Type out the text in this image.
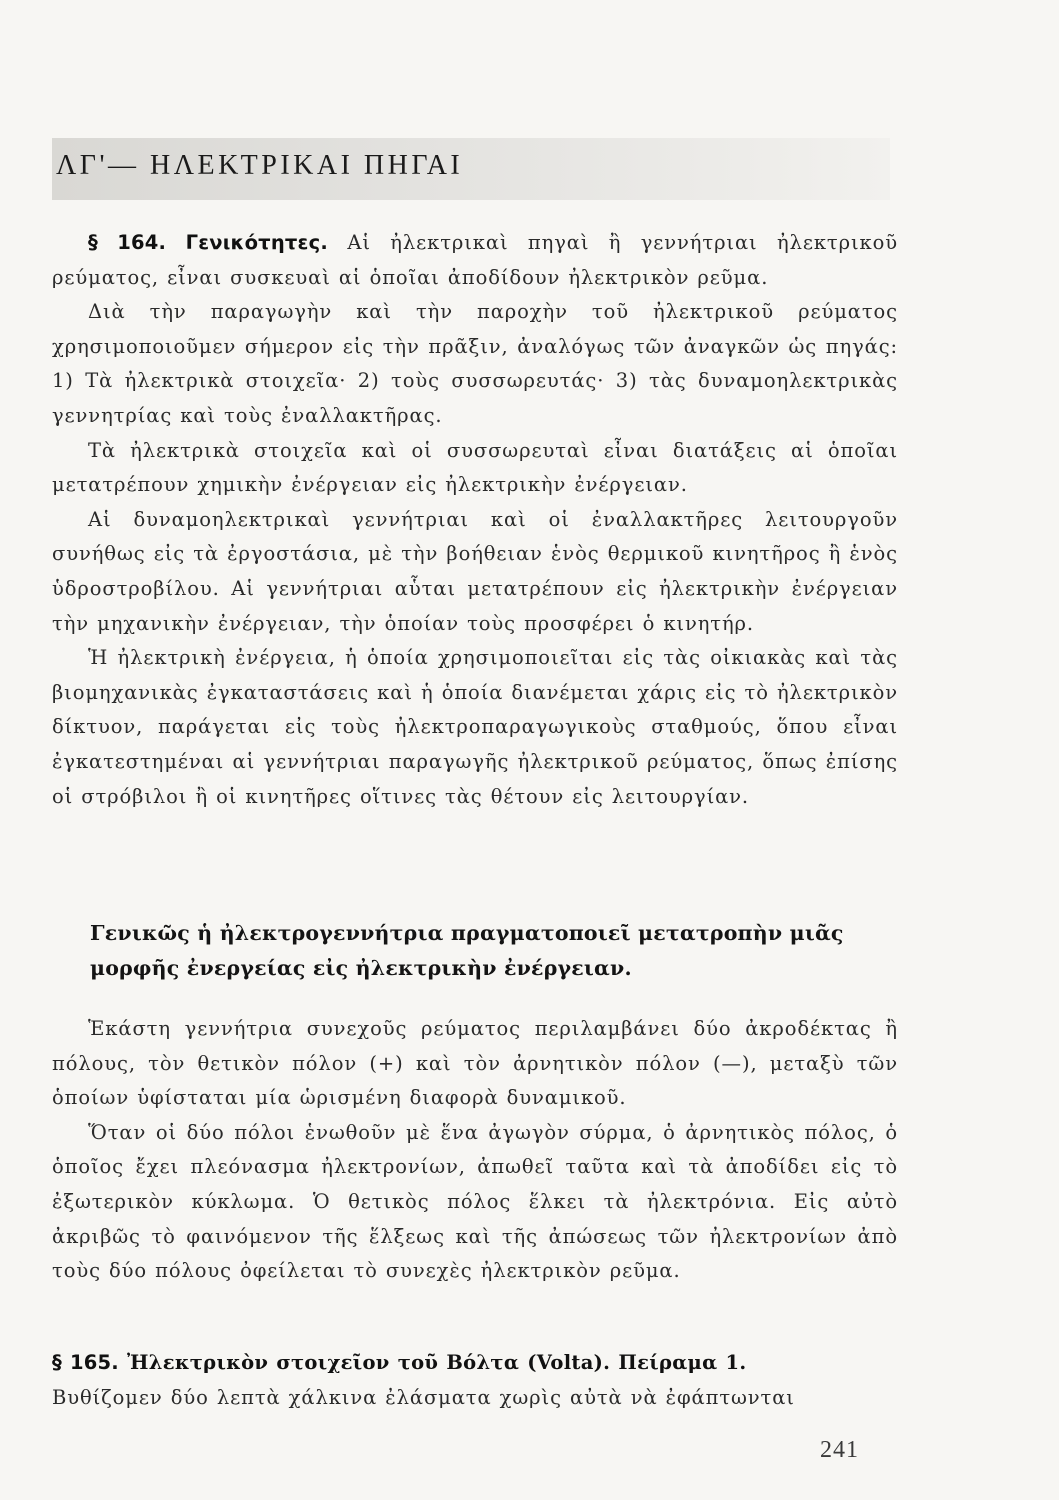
ΛΓ'— ΗΛΕΚΤΡΙΚΑΙ ΠΗΓΑΙ

§ 164. Γενικότητες. Αἱ ἠλεκτρικαὶ πηγαὶ ἢ γεννήτριαι ἠλεκτρικοῦ ρεύματος, εἶναι συσκευαὶ αἱ ὁποῖαι ἀποδίδουν ἠλεκτρικὸν ρεῦμα.

Διὰ τὴν παραγωγὴν καὶ τὴν παροχὴν τοῦ ἠλεκτρικοῦ ρεύματος χρησιμοποιοῦμεν σήμερον εἰς τὴν πρᾶξιν, ἀναλόγως τῶν ἀναγκῶν ὡς πηγάς: 1) Τὰ ἠλεκτρικὰ στοιχεῖα· 2) τοὺς συσσωρευτάς· 3) τὰς δυναμοηλεκτρικὰς γεννητρίας καὶ τοὺς ἐναλλακτῆρας.

Τὰ ἠλεκτρικὰ στοιχεῖα καὶ οἱ συσσωρευταὶ εἶναι διατάξεις αἱ ὁποῖαι μετατρέπουν χημικὴν ἐνέργειαν εἰς ἠλεκτρικὴν ἐνέργειαν.

Αἱ δυναμοηλεκτρικαὶ γεννήτριαι καὶ οἱ ἐναλλακτῆρες λειτουργοῦν συνήθως εἰς τὰ ἐργοστάσια, μὲ τὴν βοήθειαν ἑνὸς θερμικοῦ κινητῆρος ἢ ἑνὸς ὑδροστροβίλου. Αἱ γεννήτριαι αὗται μετατρέπουν εἰς ἠλεκτρικὴν ἐνέργειαν τὴν μηχανικὴν ἐνέργειαν, τὴν ὁποίαν τοὺς προσφέρει ὁ κινητήρ.

Ἡ ἠλεκτρικὴ ἐνέργεια, ἡ ὁποία χρησιμοποιεῖται εἰς τὰς οἰκιακὰς καὶ τὰς βιομηχανικὰς ἐγκαταστάσεις καὶ ἡ ὁποία διανέμεται χάρις εἰς τὸ ἠλεκτρικὸν δίκτυον, παράγεται εἰς τοὺς ἠλεκτροπαραγωγικοὺς σταθμούς, ὅπου εἶναι ἐγκατεστημέναι αἱ γεννήτριαι παραγωγῆς ἠλεκτρικοῦ ρεύματος, ὅπως ἐπίσης οἱ στρόβιλοι ἢ οἱ κινητῆρες οἵτινες τὰς θέτουν εἰς λειτουργίαν.

Γενικῶς ἡ ἠλεκτρογεννήτρια πραγματοποιεῖ μετατροπὴν μιᾶς μορφῆς ἐνεργείας εἰς ἠλεκτρικὴν ἐνέργειαν.

Ἑκάστη γεννήτρια συνεχοῦς ρεύματος περιλαμβάνει δύο ἀκροδέκτας ἢ πόλους, τὸν θετικὸν πόλον (+) καὶ τὸν ἀρνητικὸν πόλον (—), μεταξὺ τῶν ὁποίων ὑφίσταται μία ὡρισμένη διαφορὰ δυναμικοῦ.

Ὅταν οἱ δύο πόλοι ἑνωθοῦν μὲ ἕνα ἀγωγὸν σύρμα, ὁ ἀρνητικὸς πόλος, ὁ ὁποῖος ἔχει πλεόνασμα ἠλεκτρονίων, ἀπωθεῖ ταῦτα καὶ τὰ ἀποδίδει εἰς τὸ ἐξωτερικὸν κύκλωμα. Ὁ θετικὸς πόλος ἕλκει τὰ ἠλεκτρόνια. Εἰς αὐτὸ ἀκριβῶς τὸ φαινόμενον τῆς ἕλξεως καὶ τῆς ἀπώσεως τῶν ἠλεκτρονίων ἀπὸ τοὺς δύο πόλους ὀφείλεται τὸ συνεχὲς ἠλεκτρικὸν ρεῦμα.

§ 165. Ἠλεκτρικὸν στοιχεῖον τοῦ Βόλτα (Volta). Πείραμα 1.

Βυθίζομεν δύο λεπτὰ χάλκινα ἐλάσματα χωρὶς αὐτὰ νὰ ἐφάπτωνται

241
